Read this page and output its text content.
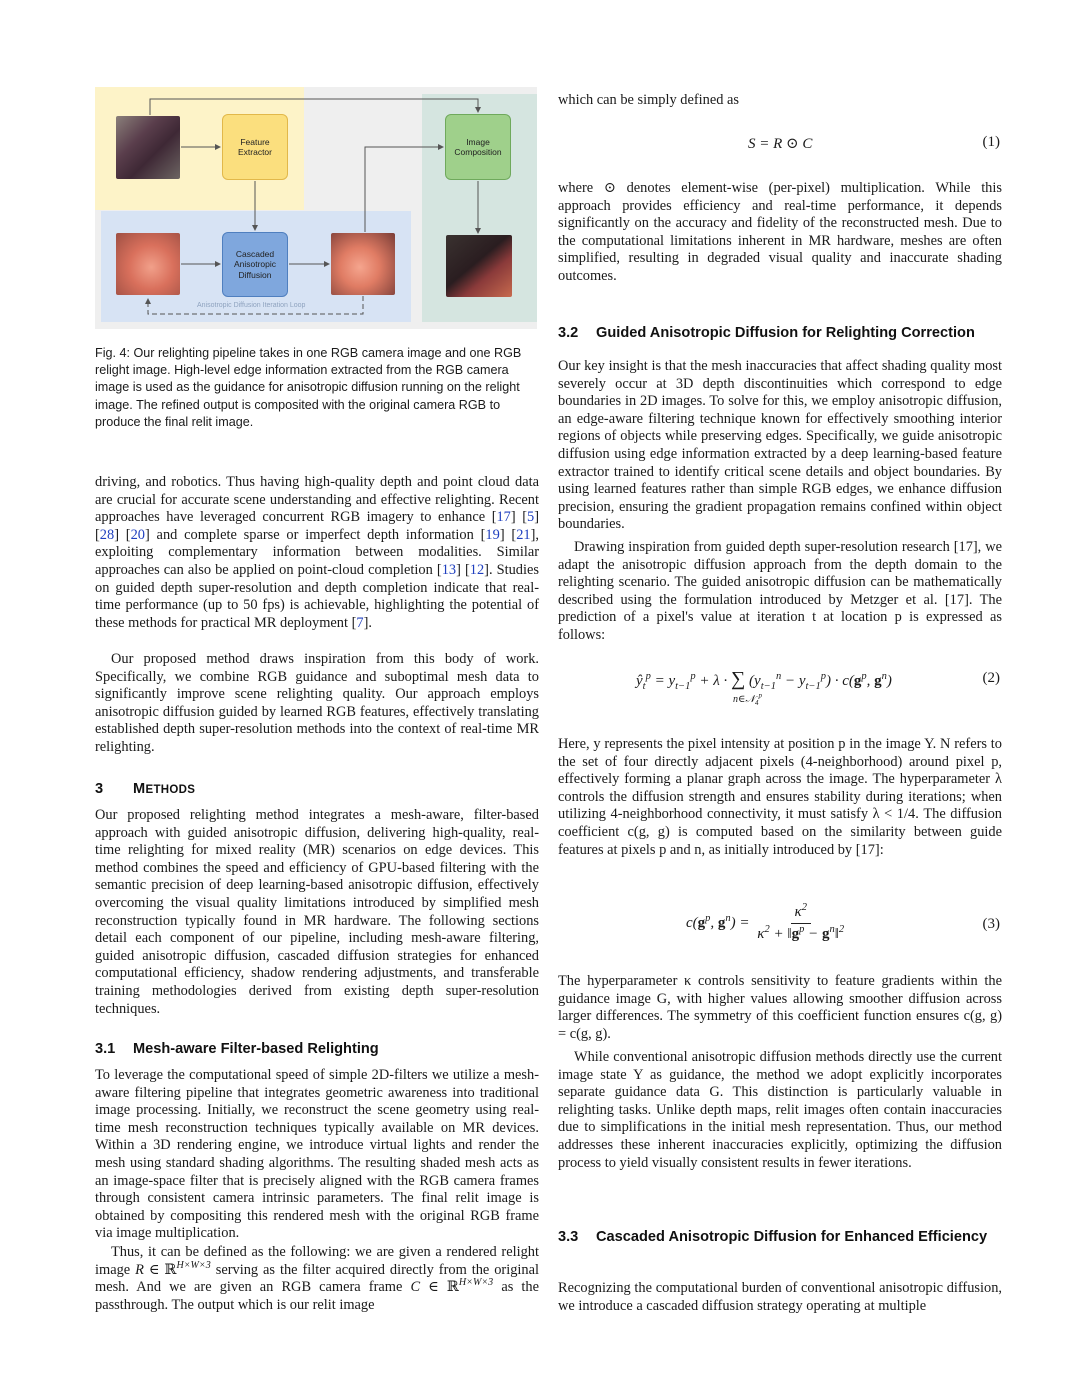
Feature Extractor
Image Composition
Cascaded Anisotropic Diffusion
Anisotropic Diffusion Iteration Loop
Fig. 4: Our relighting pipeline takes in one RGB camera image and one RGB relight image. High-level edge information extracted from the RGB camera image is used as the guidance for anisotropic diffusion running on the relight image. The refined output is composited with the original camera RGB to produce the final relit image.

driving, and robotics. Thus having high-quality depth and point cloud data are crucial for accurate scene understanding and effective relighting. Recent approaches have leveraged concurrent RGB imagery to enhance [17] [5] [28] [20] and complete sparse or imperfect depth information [19] [21], exploiting complementary information between modalities. Similar approaches can also be applied on point-cloud completion [13] [12]. Studies on guided depth super-resolution and depth completion indicate that real-time performance (up to 50 fps) is achievable, highlighting the potential of these methods for practical MR deployment [7].

Our proposed method draws inspiration from this body of work. Specifically, we combine RGB guidance and suboptimal mesh data to significantly improve scene relighting quality. Our approach employs anisotropic diffusion guided by learned RGB features, effectively translating established depth super-resolution methods into the context of real-time MR relighting.

3	METHODS

Our proposed relighting method integrates a mesh-aware, filter-based approach with guided anisotropic diffusion, delivering high-quality, real-time relighting for mixed reality (MR) scenarios on edge devices. This method combines the speed and efficiency of GPU-based filtering with the semantic precision of deep learning-based anisotropic diffusion, effectively overcoming the visual quality limitations introduced by simplified mesh reconstruction typically found in MR hardware. The following sections detail each component of our pipeline, including mesh-aware filtering, guided anisotropic diffusion, cascaded diffusion strategies for enhanced computational efficiency, shadow rendering adjustments, and transferable training methodologies derived from existing depth super-resolution techniques.

3.1	Mesh-aware Filter-based Relighting

To leverage the computational speed of simple 2D-filters we utilize a mesh-aware filtering pipeline that integrates geometric awareness into traditional image processing. Initially, we reconstruct the scene geometry using real-time mesh reconstruction techniques typically available on MR devices. Within a 3D rendering engine, we introduce virtual lights and render the mesh using standard shading algorithms. The resulting shaded mesh acts as an image-space filter that is precisely aligned with the RGB camera frames through consistent camera intrinsic parameters. The final relit image is obtained by compositing this rendered mesh with the original RGB frame via image multiplication.

Thus, it can be defined as the following: we are given a rendered relight image R ∈ ℝ$^{H\times W\times 3}$ serving as the filter acquired directly from the original mesh. And we are given an RGB camera frame C ∈ ℝ$^{H\times W\times 3}$ as the passthrough. The output which is our relit image

which can be simply defined as

S = R ⊙ C	(1)

where ⊙ denotes element-wise (per-pixel) multiplication. While this approach provides efficiency and real-time performance, it depends significantly on the accuracy and fidelity of the reconstructed mesh. Due to the computational limitations inherent in MR hardware, meshes are often simplified, resulting in degraded visual quality and inaccurate shading outcomes.

3.2	Guided Anisotropic Diffusion for Relighting Correction

Our key insight is that the mesh inaccuracies that affect shading quality most severely occur at 3D depth discontinuities which correspond to edge boundaries in 2D images. To solve for this, we employ anisotropic diffusion, an edge-aware filtering technique known for effectively smoothing interior regions of objects while preserving edges. Specifically, we guide anisotropic diffusion using edge information extracted by a deep learning-based feature extractor trained to identify critical scene details and object boundaries. By using learned features rather than simple RGB edges, we enhance diffusion precision, ensuring the gradient propagation remains confined within object boundaries.

Drawing inspiration from guided depth super-resolution research [17], we adapt the anisotropic diffusion approach from the depth domain to the relighting scenario. The guided anisotropic diffusion can be mathematically described using the formulation introduced by Metzger et al. [17]. The prediction of a pixel's value at iteration t at location p is expressed as follows:

$ŷ_t^p = y_{t-1}^p + \lambda$ · ∑ $(y_{t-1}^n - y_{t-1}^p) \cdot c(g^p$, $g^n$)
n∈𝒩$_4^p$
(2)

Here, y represents the pixel intensity at position p in the image Y. N refers to the set of four directly adjacent pixels (4-neighborhood) around pixel p, effectively forming a planar graph across the image. The hyperparameter λ controls the diffusion strength and ensures stability during iterations; when utilizing 4-neighborhood connectivity, it must satisfy λ < 1/4. The diffusion coefficient c(g, g) is computed based on the similarity between guide features at pixels p and n, as initially introduced by [17]:

$c(g^p$, $g^n) = \frac{\kappa^2}{\kappa^2 + ‖g^p - g^n‖^2}$	(3)

The hyperparameter κ controls sensitivity to feature gradients within the guidance image G, with higher values allowing smoother diffusion across larger differences. The symmetry of this coefficient function ensures c(g, g) = c(g, g).

While conventional anisotropic diffusion methods directly use the current image state Y as guidance, the method we adopt explicitly incorporates separate guidance data G. This distinction is particularly valuable in relighting tasks. Unlike depth maps, relit images often contain inaccuracies due to simplifications in the initial mesh representation. Thus, our method addresses these inherent inaccuracies explicitly, optimizing the diffusion process to yield visually consistent results in fewer iterations.

3.3	Cascaded Anisotropic Diffusion for Enhanced Efficiency

Recognizing the computational burden of conventional anisotropic diffusion, we introduce a cascaded diffusion strategy operating at multiple
